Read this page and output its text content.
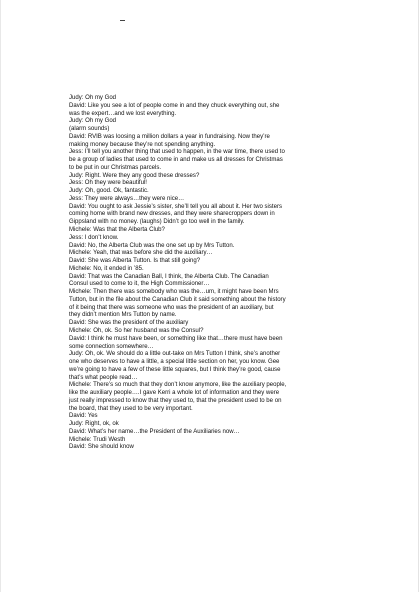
Judy: Oh my God
David: Like you see a lot of people come in and they chuck everything out, she
was the expert…and we lost everything.
Judy: Oh my God
(alarm sounds)
David: RVIB was loosing a million dollars a year in fundraising. Now they’re
making money because they’re not spending anything.
Jess: I’ll tell you another thing that used to happen, in the war time, there used to
be a group of ladies that used to come in and make us all dresses for Christmas
to be put in our Christmas parcels.
Judy: Right. Were they any good these dresses?
Jess: Oh they were beautiful!
Judy: Oh, good. Ok, fantastic.
Jess: They were always…they were nice…
David: You ought to ask Jessie’s sister, she’ll tell you all about it. Her two sisters
coming home with brand new dresses, and they were sharecroppers down in
Gippsland with no money. (laughs) Didn’t go too well in the family.
Michele: Was that the Alberta Club?
Jess: I don’t know.
David: No, the Alberta Club was the one set up by Mrs Tutton.
Michele: Yeah, that was before she did the auxiliary…
David: She was Alberta Tutton. Is that still going?
Michele: No, it ended in ’85.
David: That was the Canadian Ball, I think, the Alberta Club. The Canadian
Consul used to come to it, the High Commissioner…
Michele: Then there was somebody who was the…um, it might have been Mrs
Tutton, but in the file about the Canadian Club it said something about the history
of it being that there was someone who was the president of an auxiliary, but
they didn’t mention Mrs Tutton by name.
David: She was the president of the auxiliary
Michele: Oh, ok. So her husband was the Consul?
David: I think he must have been, or something like that…there must have been
some connection somewhere…
Judy: Oh, ok. We should do a little out-take on Mrs Tutton I think, she’s another
one who deserves to have a little, a special little section on her, you know. Gee
we’re going to have a few of these little squares, but I think they’re good, cause
that’s what people read…
Michele: There’s so much that they don’t know anymore, like the auxiliary people,
like the auxiliary people….I gave Kerri a whole lot of information and they were
just really impressed to know that they used to, that the president used to be on
the board, that they used to be very important.
David: Yes
Judy: Right, ok, ok
David: What’s her name…the President of the Auxiliaries now…
Michele: Trudi Westh
David: She should know
